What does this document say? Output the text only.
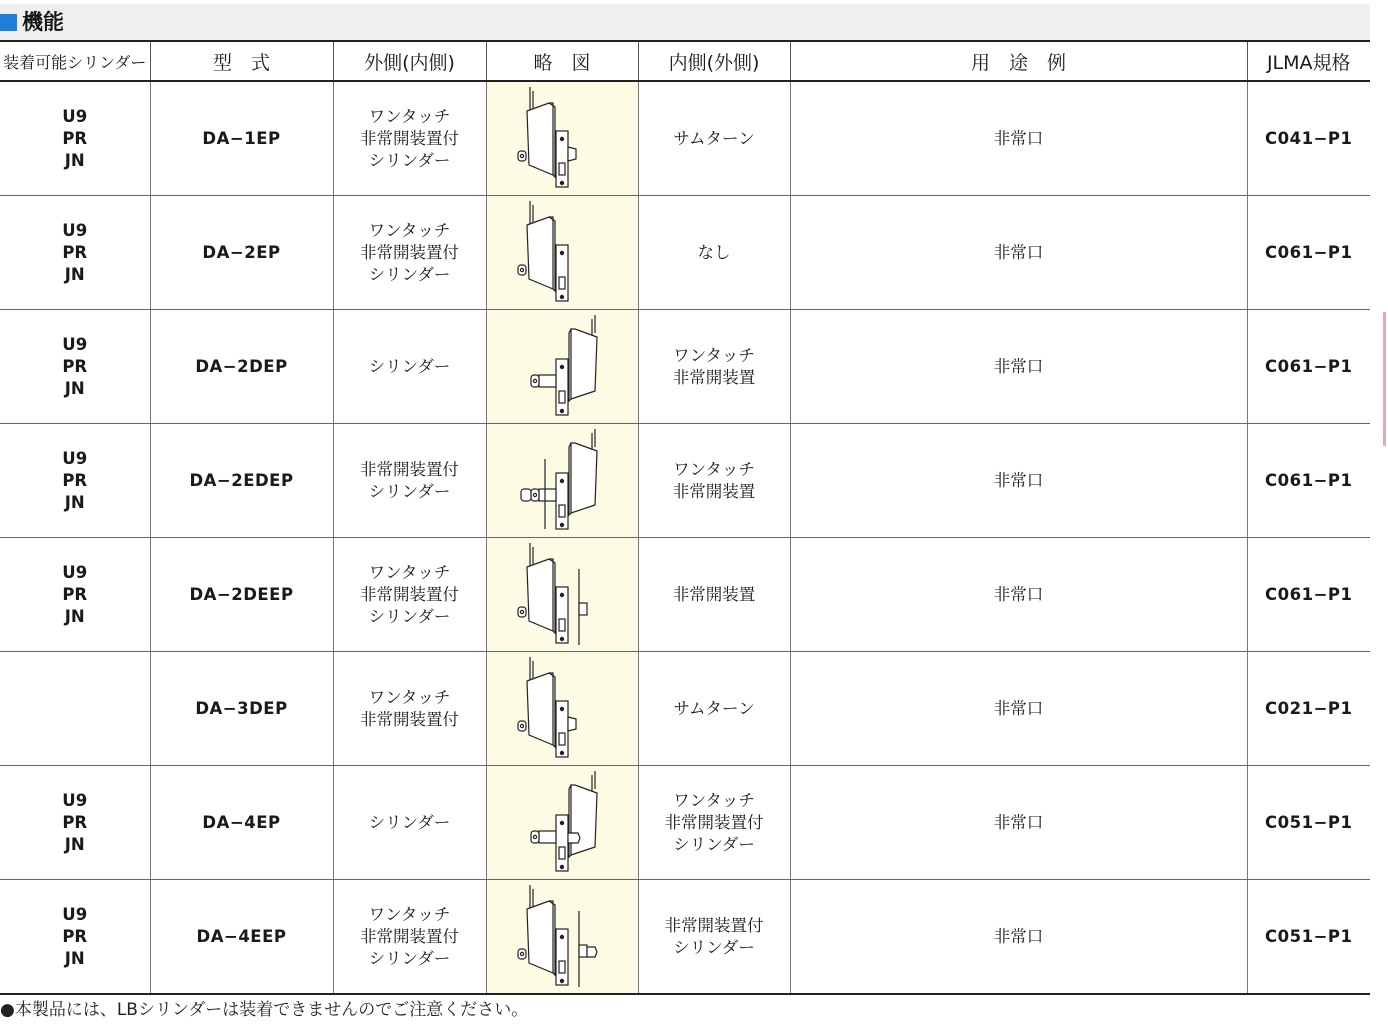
機能
装着可能シリンダー	型　式	外側(内側)	略　図	内側(外側)	用　途　例	JLMA規格

U9
PR
JN	DA−1EP	ワンタッチ
非常開装置付
シリンダー		サムターン	非常口	C041−P1

U9
PR
JN	DA−2EP	ワンタッチ
非常開装置付
シリンダー		なし	非常口	C061−P1

U9
PR
JN	DA−2DEP	シリンダー		ワンタッチ
非常開装置	非常口	C061−P1

U9
PR
JN	DA−2EDEP	非常開装置付
シリンダー		ワンタッチ
非常開装置	非常口	C061−P1

U9
PR
JN	DA−2DEEP	ワンタッチ
非常開装置付
シリンダー		非常開装置	非常口	C061−P1
	DA−3DEP	ワンタッチ
非常開装置付		サムターン	非常口	C021−P1

U9
PR
JN	DA−4EP	シリンダー		ワンタッチ
非常開装置付
シリンダー	非常口	C051−P1

U9
PR
JN	DA−4EEP	ワンタッチ
非常開装置付
シリンダー		非常開装置付
シリンダー	非常口	C051−P1
●本製品には、LBシリンダーは装着できませんのでご注意ください。
